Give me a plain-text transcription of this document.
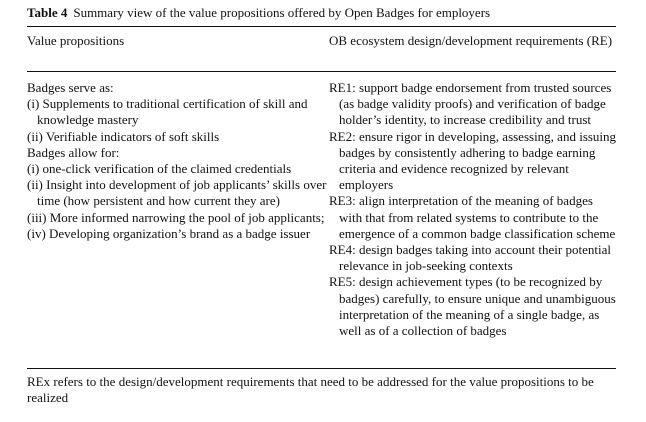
Table 4 Summary view of the value propositions offered by Open Badges for employers
Value propositions	OB ecosystem design/development requirements (RE)
Badges serve as:
(i) Supplements to traditional certification of skill and knowledge mastery
(ii) Verifiable indicators of soft skills
Badges allow for:
(i) one-click verification of the claimed credentials
(ii) Insight into development of job applicants’ skills over time (how persistent and how current they are)
(iii) More informed narrowing the pool of job applicants;
(iv) Developing organization’s brand as a badge issuer
RE1: support badge endorsement from trusted sources (as badge validity proofs) and verification of badge holder’s identity, to increase credibility and trust
RE2: ensure rigor in developing, assessing, and issuing badges by consistently adhering to badge earning criteria and evidence recognized by relevant employers
RE3: align interpretation of the meaning of badges with that from related systems to contribute to the emergence of a common badge classification scheme
RE4: design badges taking into account their potential relevance in job-seeking contexts
RE5: design achievement types (to be recognized by badges) carefully, to ensure unique and unambiguous interpretation of the meaning of a single badge, as well as of a collection of badges
REx refers to the design/development requirements that need to be addressed for the value propositions to be realized
